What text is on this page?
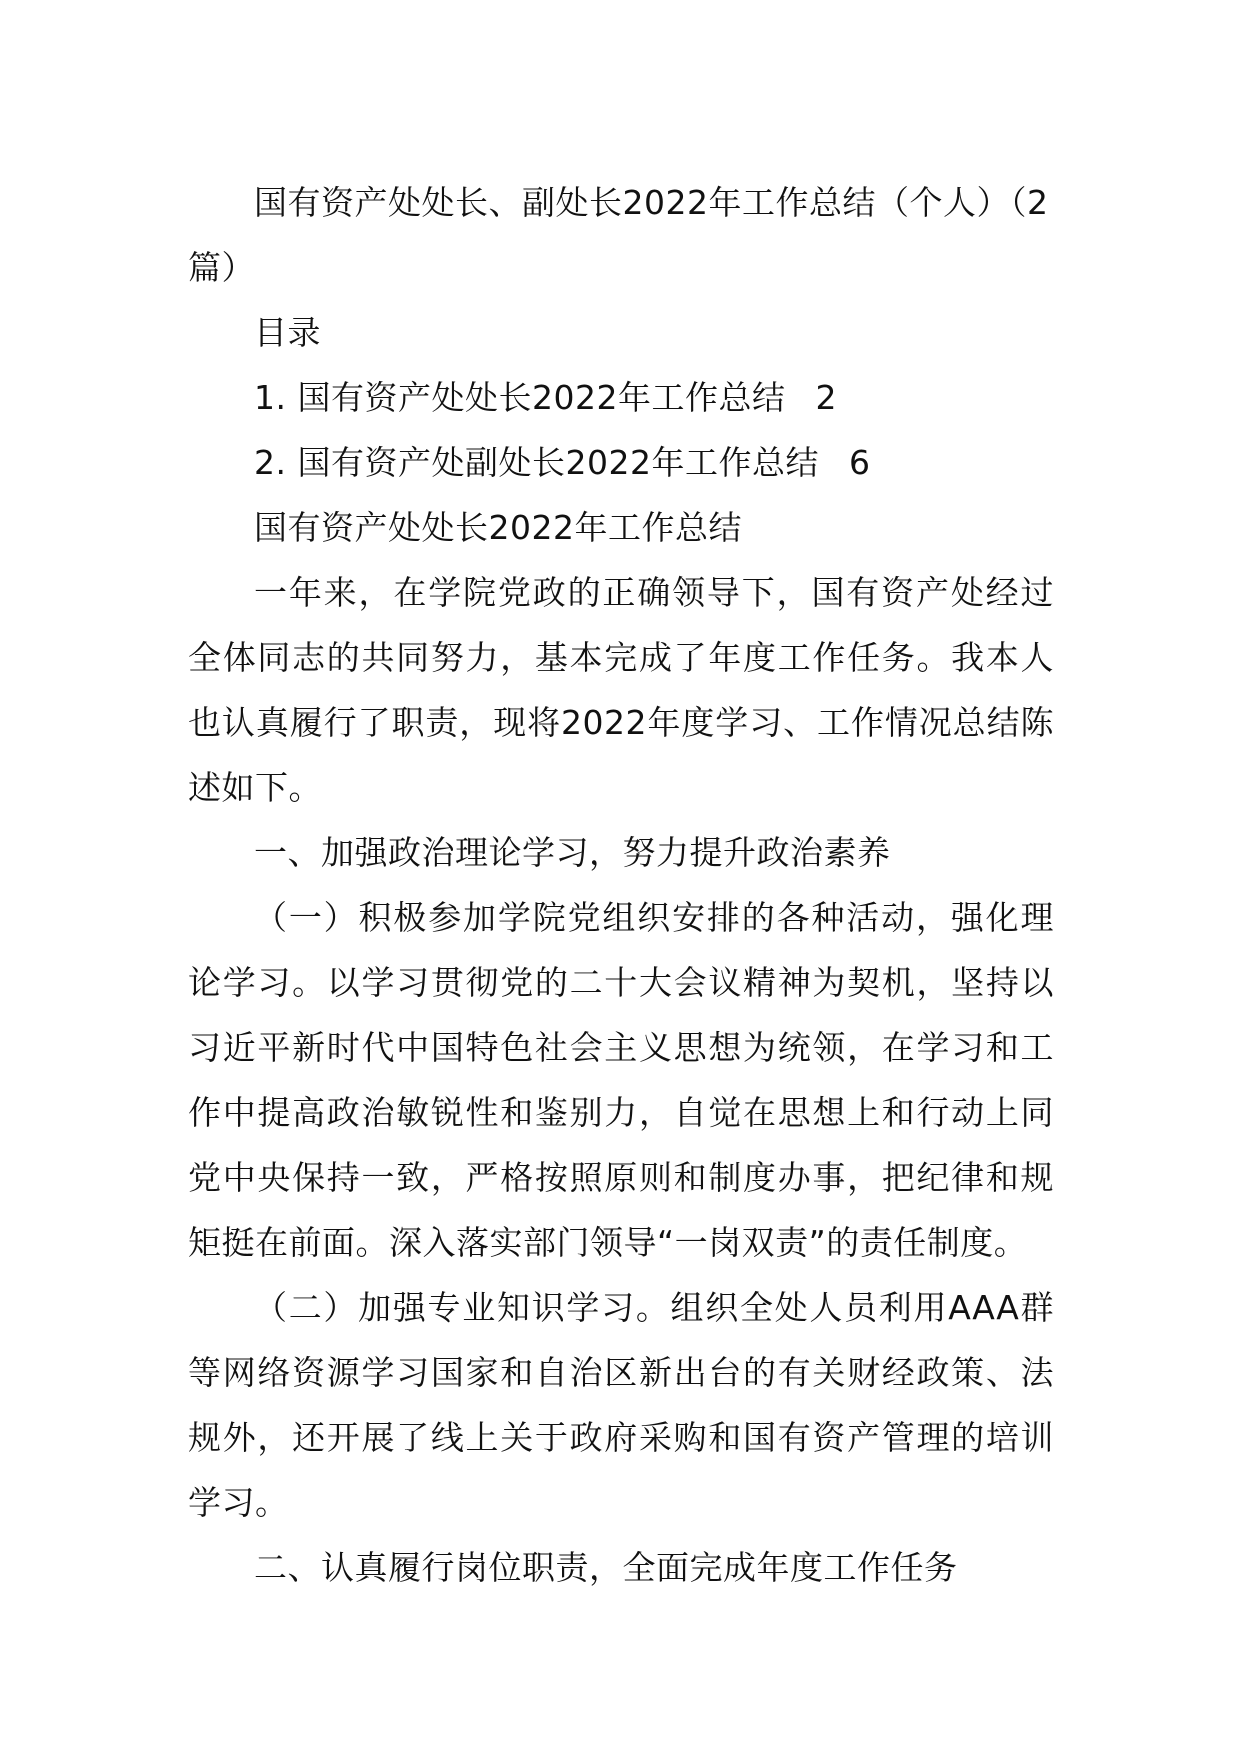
国有资产处处长、副处长2022年工作总结（个人）（2篇）

目录

1. 国有资产处处长2022年工作总结 2

2. 国有资产处副处长2022年工作总结 6

国有资产处处长2022年工作总结

一年来，在学院党政的正确领导下，国有资产处经过全体同志的共同努力，基本完成了年度工作任务。我本人也认真履行了职责，现将2022年度学习、工作情况总结陈述如下。

一、加强政治理论学习，努力提升政治素养

（一）积极参加学院党组织安排的各种活动，强化理论学习。以学习贯彻党的二十大会议精神为契机，坚持以习近平新时代中国特色社会主义思想为统领，在学习和工作中提高政治敏锐性和鉴别力，自觉在思想上和行动上同党中央保持一致，严格按照原则和制度办事，把纪律和规矩挺在前面。深入落实部门领导“一岗双责”的责任制度。

（二）加强专业知识学习。组织全处人员利用AAA群等网络资源学习国家和自治区新出台的有关财经政策、法规外，还开展了线上关于政府采购和国有资产管理的培训学习。

二、认真履行岗位职责，全面完成年度工作任务
